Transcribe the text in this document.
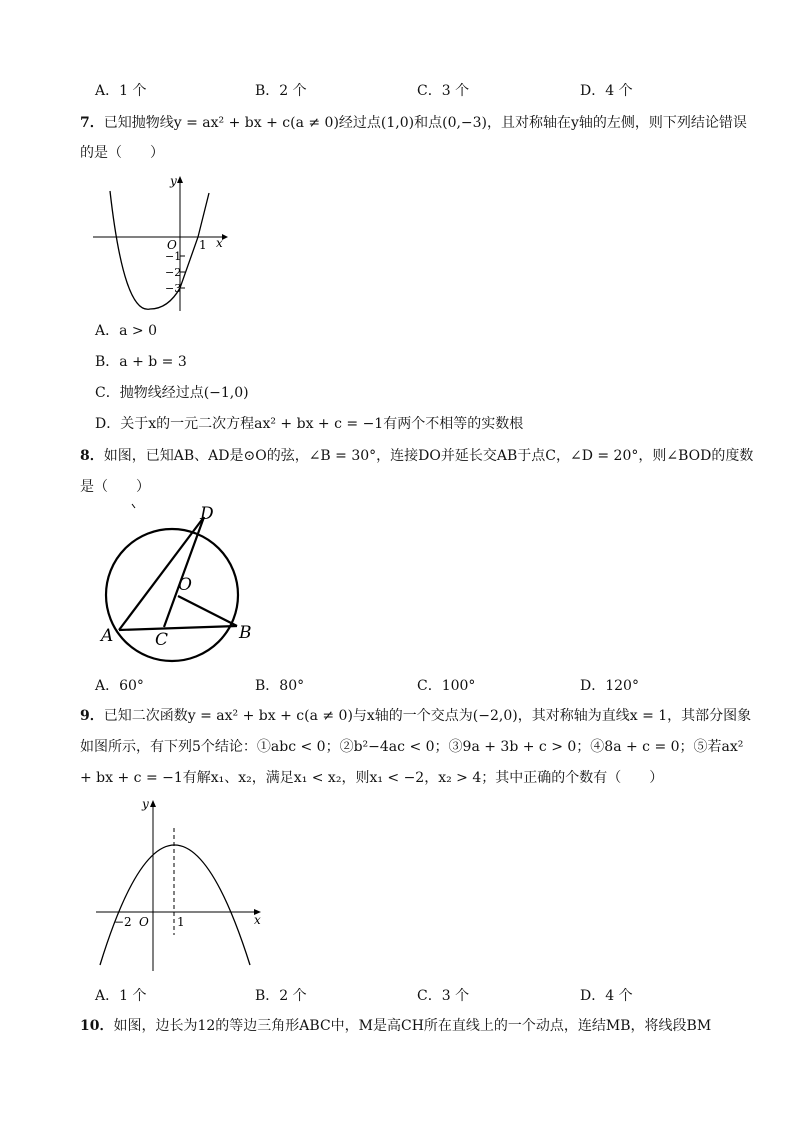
A．1 个	B．2 个	C．3 个	D．4 个
7．已知抛物线y = ax² + bx + c(a ≠ 0)经过点(1,0)和点(0,−3)，且对称轴在y轴的左侧，则下列结论错误
的是（　　）
y
x
O 1
−1
−2
−3
A．a > 0
B．a + b = 3
C．抛物线经过点(−1,0)
D．关于x的一元二次方程ax² + bx + c = −1有两个不相等的实数根
8．如图，已知AB、AD是⊙O的弦，∠B = 30°，连接DO并延长交AB于点C，∠D = 20°，则∠BOD的度数
是（　　）
D
O
A C	B
A．60°	B．80°	C．100°	D．120°
9．已知二次函数y = ax² + bx + c(a ≠ 0)与x轴的一个交点为(−2,0)，其对称轴为直线x = 1，其部分图象
如图所示，有下列5个结论：①abc < 0；②b²−4ac < 0；③9a + 3b + c > 0；④8a + c = 0；⑤若ax²
+ bx + c = −1有解x₁、x₂，满足x₁ < x₂，则x₁ < −2，x₂ > 4；其中正确的个数有（　　）
y
x
O
−2	1
A．1 个	B．2 个	C．3 个	D．4 个
10．如图，边长为12的等边三角形ABC中，M是高CH所在直线上的一个动点，连结MB，将线段BM
